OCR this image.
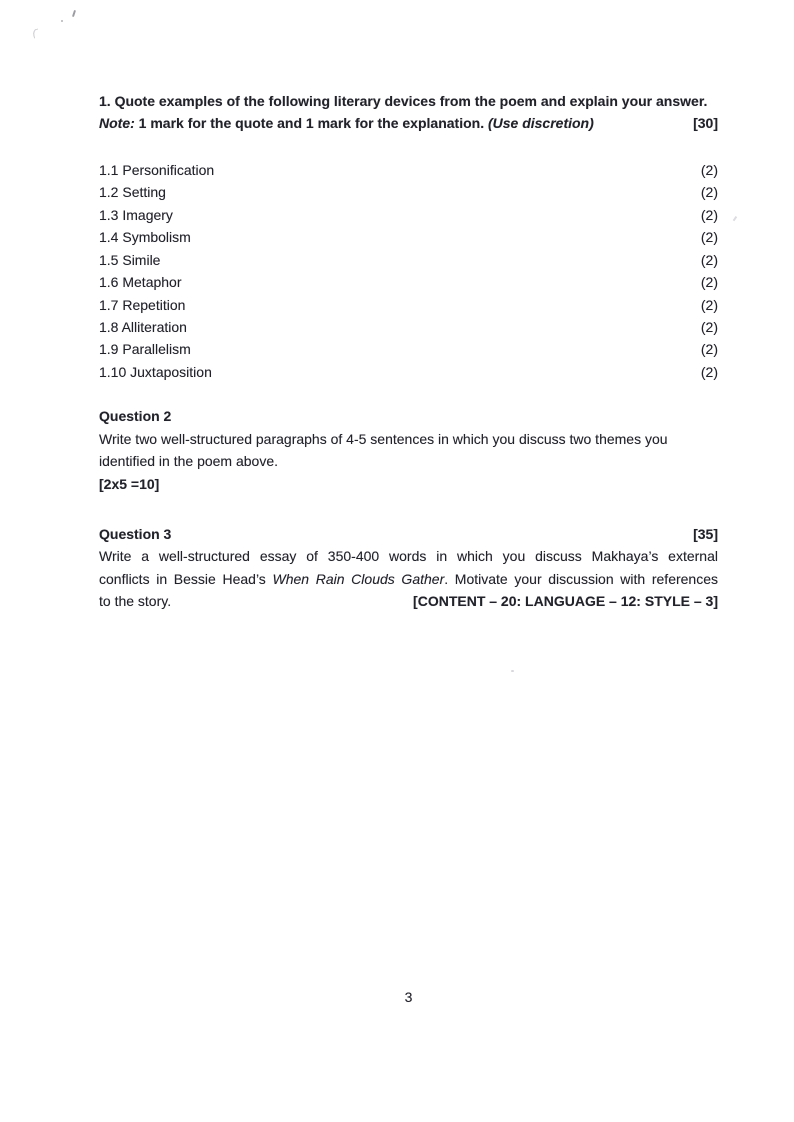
1. Quote examples of the following literary devices from the poem and explain your answer.
Note: 1 mark for the quote and 1 mark for the explanation. (Use discretion)	[30]
1.1 Personification	(2)
1.2 Setting	(2)
1.3 Imagery	(2)
1.4 Symbolism	(2)
1.5 Simile	(2)
1.6 Metaphor	(2)
1.7 Repetition	(2)
1.8 Alliteration	(2)
1.9 Parallelism	(2)
1.10 Juxtaposition	(2)
Question 2
Write two well-structured paragraphs of 4-5 sentences in which you discuss two themes you
identified in the poem above.
[2x5 =10]
Question 3	[35]
Write a well-structured essay of 350-400 words in which you discuss Makhaya’s external
conflicts in Bessie Head’s When Rain Clouds Gather. Motivate your discussion with references
to the story.	[CONTENT – 20: LANGUAGE – 12: STYLE – 3]
3
